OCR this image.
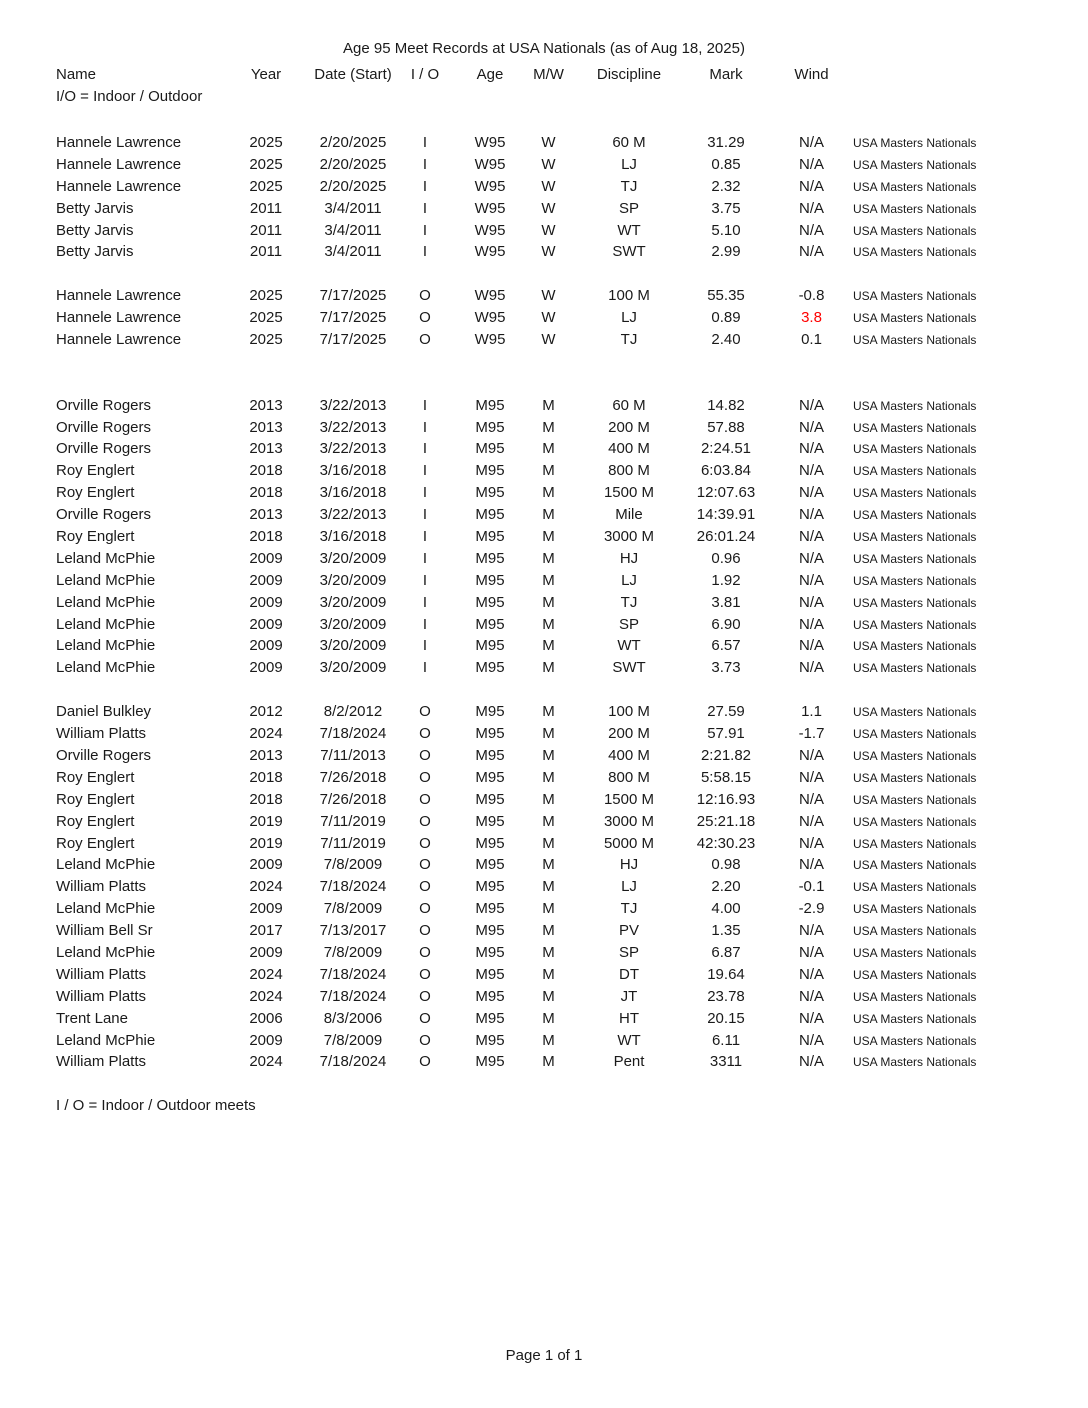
Age 95 Meet Records at USA Nationals (as of Aug 18, 2025)
Name	Year	Date (Start)	I / O	Age	M/W	Discipline	Mark	Wind
I/O = Indoor / Outdoor
Hannele Lawrence	2025	2/20/2025	I	W95	W	60 M	31.29	N/A	USA Masters Nationals
Hannele Lawrence	2025	2/20/2025	I	W95	W	LJ	0.85	N/A	USA Masters Nationals
Hannele Lawrence	2025	2/20/2025	I	W95	W	TJ	2.32	N/A	USA Masters Nationals
Betty Jarvis	2011	3/4/2011	I	W95	W	SP	3.75	N/A	USA Masters Nationals
Betty Jarvis	2011	3/4/2011	I	W95	W	WT	5.10	N/A	USA Masters Nationals
Betty Jarvis	2011	3/4/2011	I	W95	W	SWT	2.99	N/A	USA Masters Nationals
Hannele Lawrence	2025	7/17/2025	O	W95	W	100 M	55.35	-0.8	USA Masters Nationals
Hannele Lawrence	2025	7/17/2025	O	W95	W	LJ	0.89	3.8	USA Masters Nationals
Hannele Lawrence	2025	7/17/2025	O	W95	W	TJ	2.40	0.1	USA Masters Nationals
Orville Rogers	2013	3/22/2013	I	M95	M	60 M	14.82	N/A	USA Masters Nationals
Orville Rogers	2013	3/22/2013	I	M95	M	200 M	57.88	N/A	USA Masters Nationals
Orville Rogers	2013	3/22/2013	I	M95	M	400 M	2:24.51	N/A	USA Masters Nationals
Roy Englert	2018	3/16/2018	I	M95	M	800 M	6:03.84	N/A	USA Masters Nationals
Roy Englert	2018	3/16/2018	I	M95	M	1500 M	12:07.63	N/A	USA Masters Nationals
Orville Rogers	2013	3/22/2013	I	M95	M	Mile	14:39.91	N/A	USA Masters Nationals
Roy Englert	2018	3/16/2018	I	M95	M	3000 M	26:01.24	N/A	USA Masters Nationals
Leland McPhie	2009	3/20/2009	I	M95	M	HJ	0.96	N/A	USA Masters Nationals
Leland McPhie	2009	3/20/2009	I	M95	M	LJ	1.92	N/A	USA Masters Nationals
Leland McPhie	2009	3/20/2009	I	M95	M	TJ	3.81	N/A	USA Masters Nationals
Leland McPhie	2009	3/20/2009	I	M95	M	SP	6.90	N/A	USA Masters Nationals
Leland McPhie	2009	3/20/2009	I	M95	M	WT	6.57	N/A	USA Masters Nationals
Leland McPhie	2009	3/20/2009	I	M95	M	SWT	3.73	N/A	USA Masters Nationals
Daniel Bulkley	2012	8/2/2012	O	M95	M	100 M	27.59	1.1	USA Masters Nationals
William Platts	2024	7/18/2024	O	M95	M	200 M	57.91	-1.7	USA Masters Nationals
Orville Rogers	2013	7/11/2013	O	M95	M	400 M	2:21.82	N/A	USA Masters Nationals
Roy Englert	2018	7/26/2018	O	M95	M	800 M	5:58.15	N/A	USA Masters Nationals
Roy Englert	2018	7/26/2018	O	M95	M	1500 M	12:16.93	N/A	USA Masters Nationals
Roy Englert	2019	7/11/2019	O	M95	M	3000 M	25:21.18	N/A	USA Masters Nationals
Roy Englert	2019	7/11/2019	O	M95	M	5000 M	42:30.23	N/A	USA Masters Nationals
Leland McPhie	2009	7/8/2009	O	M95	M	HJ	0.98	N/A	USA Masters Nationals
William Platts	2024	7/18/2024	O	M95	M	LJ	2.20	-0.1	USA Masters Nationals
Leland McPhie	2009	7/8/2009	O	M95	M	TJ	4.00	-2.9	USA Masters Nationals
William Bell Sr	2017	7/13/2017	O	M95	M	PV	1.35	N/A	USA Masters Nationals
Leland McPhie	2009	7/8/2009	O	M95	M	SP	6.87	N/A	USA Masters Nationals
William Platts	2024	7/18/2024	O	M95	M	DT	19.64	N/A	USA Masters Nationals
William Platts	2024	7/18/2024	O	M95	M	JT	23.78	N/A	USA Masters Nationals
Trent Lane	2006	8/3/2006	O	M95	M	HT	20.15	N/A	USA Masters Nationals
Leland McPhie	2009	7/8/2009	O	M95	M	WT	6.11	N/A	USA Masters Nationals
William Platts	2024	7/18/2024	O	M95	M	Pent	3311	N/A	USA Masters Nationals
I / O = Indoor / Outdoor meets
Page 1 of 1
